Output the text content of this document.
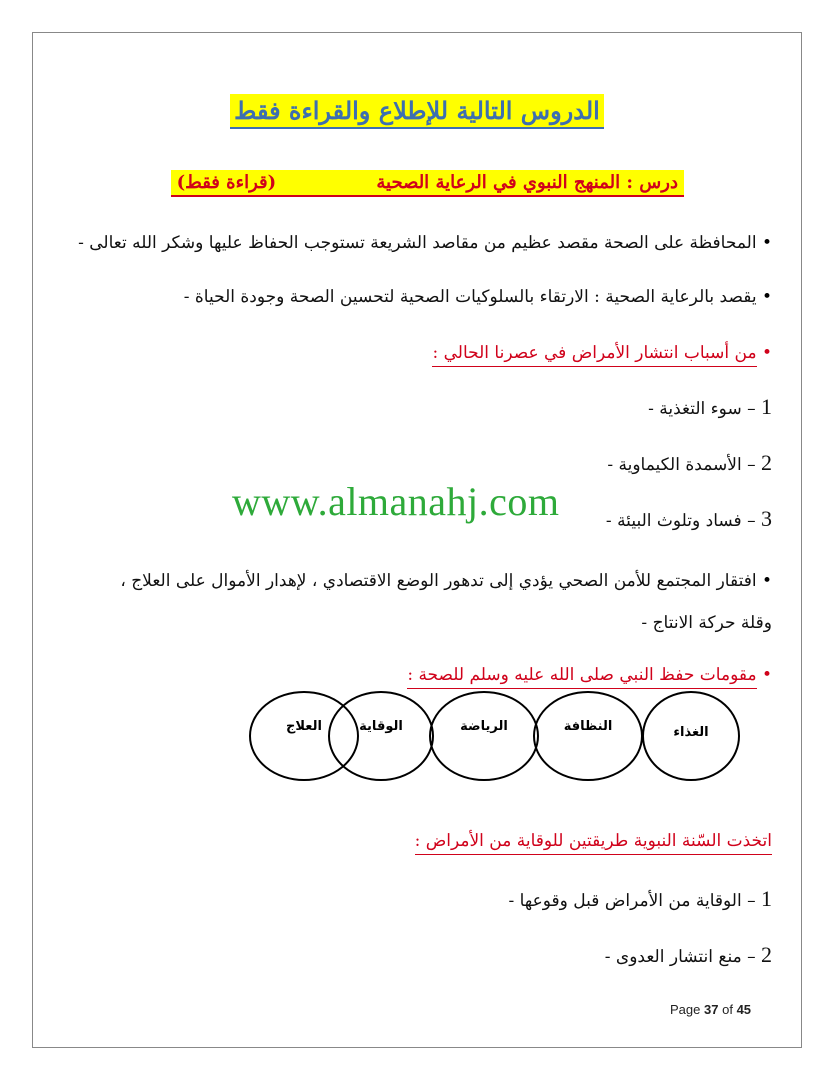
الدروس التالية للإطلاع والقراءة فقط
درس : المنهج النبوي في الرعاية الصحية                (قراءة فقط)
• المحافظة على الصحة مقصد عظيم من مقاصد الشريعة تستوجب الحفاظ عليها وشكر الله تعالى -
• يقصد بالرعاية الصحية : الارتقاء بالسلوكيات الصحية لتحسين الصحة وجودة الحياة -
• من أسباب انتشار الأمراض في عصرنا الحالي :
1 – سوء التغذية -
2 – الأسمدة الكيماوية -
3 – فساد وتلوث البيئة -
www.almanahj.com
• افتقار المجتمع للأمن الصحي يؤدي إلى تدهور الوضع الاقتصادي ، لإهدار الأموال على العلاج ،
وقلة حركة الانتاج -
• مقومات حفظ النبي صلى الله عليه وسلم للصحة :
الغذاء
النظافة
الرياضة
الوقاية
العلاج
اتخذت السّنة النبوية طريقتين للوقاية من الأمراض :
1 – الوقاية من الأمراض قبل وقوعها -
2 – منع انتشار العدوى -
Page 37 of 45
